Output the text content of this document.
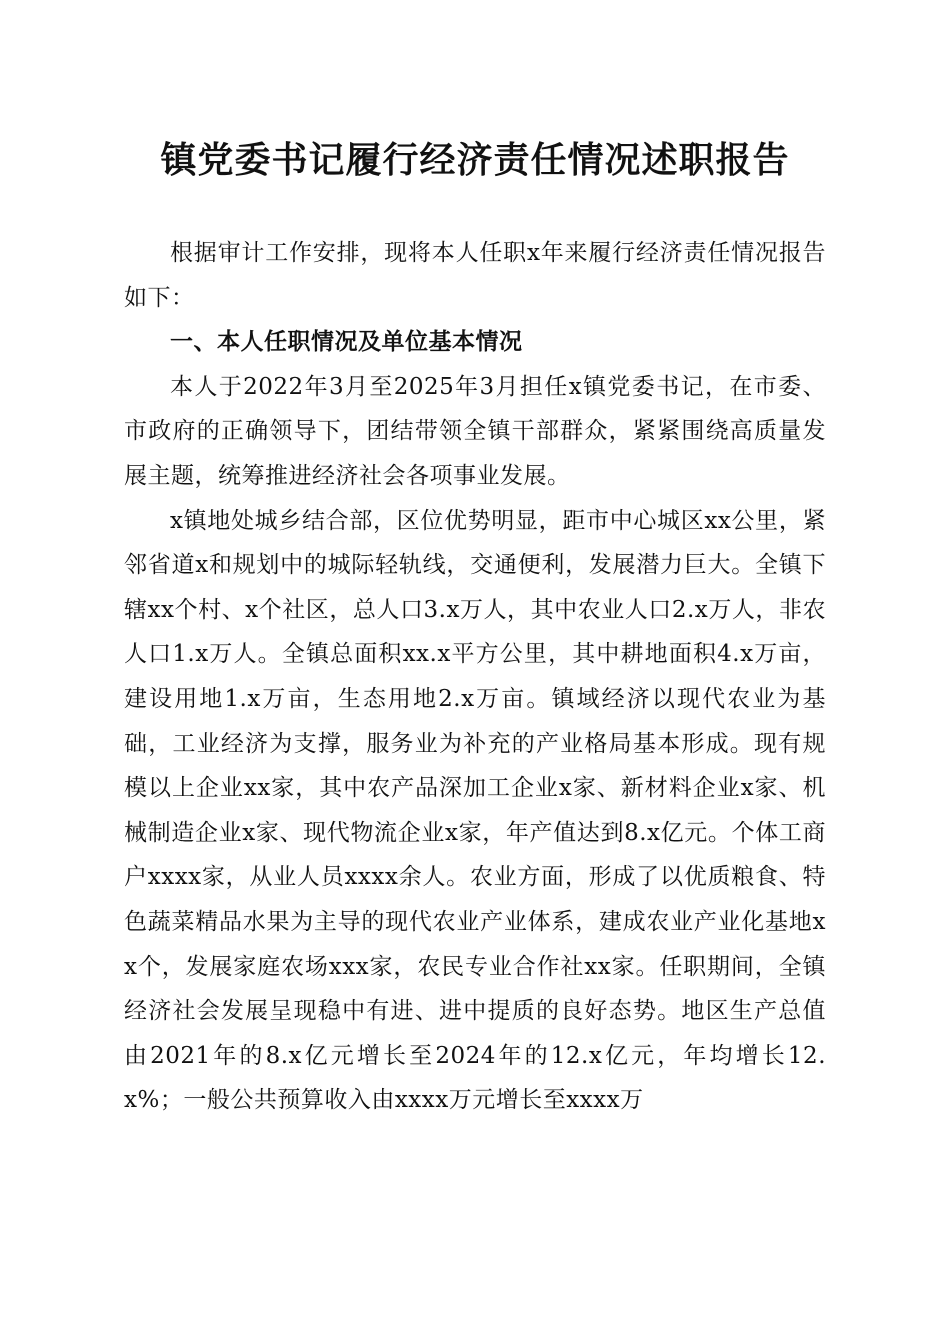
镇党委书记履行经济责任情况述职报告

根据审计工作安排，现将本人任职x年来履行经济责任情况报告如下：

一、本人任职情况及单位基本情况

本人于2022年3月至2025年3月担任x镇党委书记，在市委、市政府的正确领导下，团结带领全镇干部群众，紧紧围绕高质量发展主题，统筹推进经济社会各项事业发展。

x镇地处城乡结合部，区位优势明显，距市中心城区xx公里，紧邻省道x和规划中的城际轻轨线，交通便利，发展潜力巨大。全镇下辖xx个村、x个社区，总人口3.x万人，其中农业人口2.x万人，非农人口1.x万人。全镇总面积xx.x平方公里，其中耕地面积4.x万亩，建设用地1.x万亩，生态用地2.x万亩。镇域经济以现代农业为基础，工业经济为支撑，服务业为补充的产业格局基本形成。现有规模以上企业xx家，其中农产品深加工企业x家、新材料企业x家、机械制造企业x家、现代物流企业x家，年产值达到8.x亿元。个体工商户xxxx家，从业人员xxxx余人。农业方面，形成了以优质粮食、特色蔬菜精品水果为主导的现代农业产业体系，建成农业产业化基地xx个，发展家庭农场xxx家，农民专业合作社xx家。任职期间，全镇经济社会发展呈现稳中有进、进中提质的良好态势。地区生产总值由2021年的8.x亿元增长至2024年的12.x亿元，年均增长12.x%；一般公共预算收入由xxxx万元增长至xxxx万
